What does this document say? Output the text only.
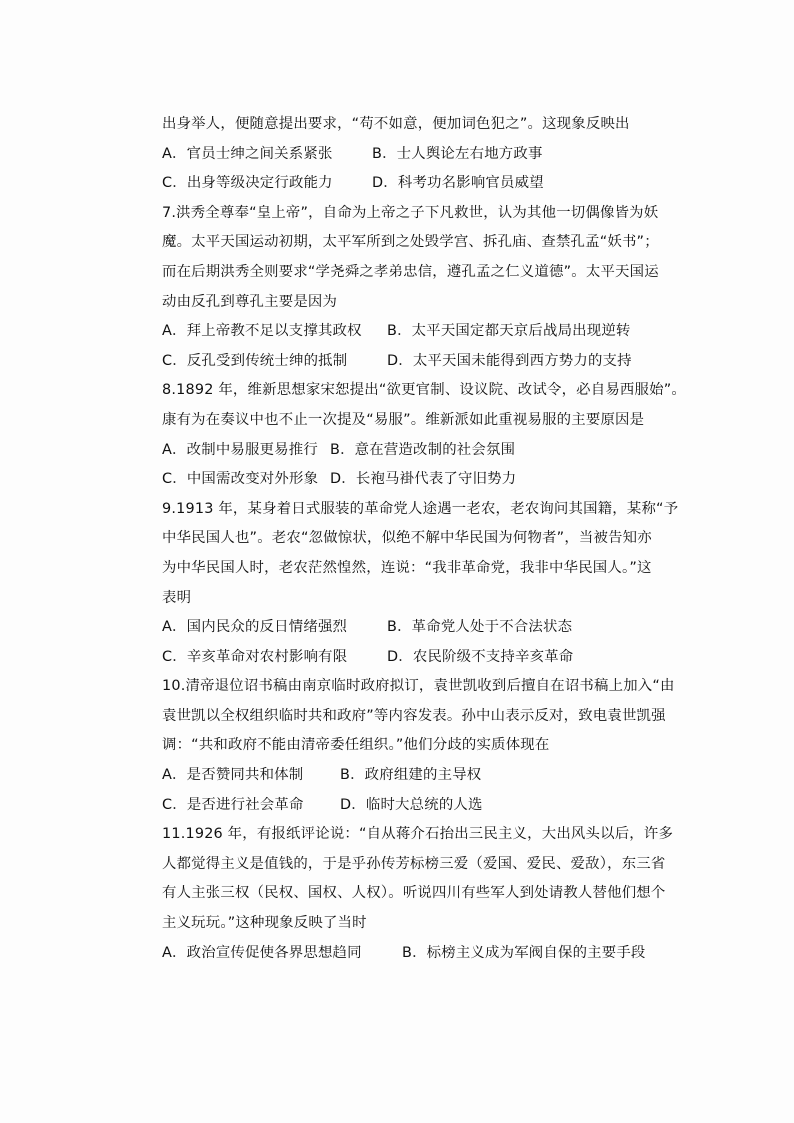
出身举人，便随意提出要求，“苟不如意，便加词色犯之”。这现象反映出
A．官员士绅之间关系紧张	B．士人舆论左右地方政事
C．出身等级决定行政能力	D．科考功名影响官员威望
7.洪秀全尊奉“皇上帝”，自命为上帝之子下凡救世，认为其他一切偶像皆为妖
魔。太平天国运动初期，太平军所到之处毁学宫、拆孔庙、查禁孔孟“妖书”；
而在后期洪秀全则要求“学尧舜之孝弟忠信，遵孔孟之仁义道德”。太平天国运
动由反孔到尊孔主要是因为
A．拜上帝教不足以支撑其政权	B．太平天国定都天京后战局出现逆转
C．反孔受到传统士绅的抵制	D．太平天国未能得到西方势力的支持
8.1892 年，维新思想家宋恕提出“欲更官制、设议院、改试令，必自易西服始”。
康有为在奏议中也不止一次提及“易服”。维新派如此重视易服的主要原因是
A．改制中易服更易推行 B．意在营造改制的社会氛围
C．中国需改变对外形象 D．长袍马褂代表了守旧势力
9.1913 年，某身着日式服装的革命党人途遇一老农，老农询问其国籍，某称“予
中华民国人也”。老农“忽做惊状，似绝不解中华民国为何物者”，当被告知亦
为中华民国人时，老农茫然惶然，连说：“我非革命党，我非中华民国人。”这
表明
A．国内民众的反日情绪强烈	B．革命党人处于不合法状态
C．辛亥革命对农村影响有限	D．农民阶级不支持辛亥革命
10.清帝退位诏书稿由南京临时政府拟订，袁世凯收到后擅自在诏书稿上加入“由
袁世凯以全权组织临时共和政府”等内容发表。孙中山表示反对，致电袁世凯强
调：“共和政府不能由清帝委任组织。”他们分歧的实质体现在
A．是否赞同共和体制	B．政府组建的主导权
C．是否进行社会革命	D．临时大总统的人选
11.1926 年，有报纸评论说：“自从蒋介石抬出三民主义，大出风头以后，许多
人都觉得主义是值钱的，于是乎孙传芳标榜三爱（爱国、爱民、爱敌），东三省
有人主张三权（民权、国权、人权）。听说四川有些军人到处请教人替他们想个
主义玩玩。”这种现象反映了当时
A．政治宣传促使各界思想趋同	B．标榜主义成为军阀自保的主要手段
